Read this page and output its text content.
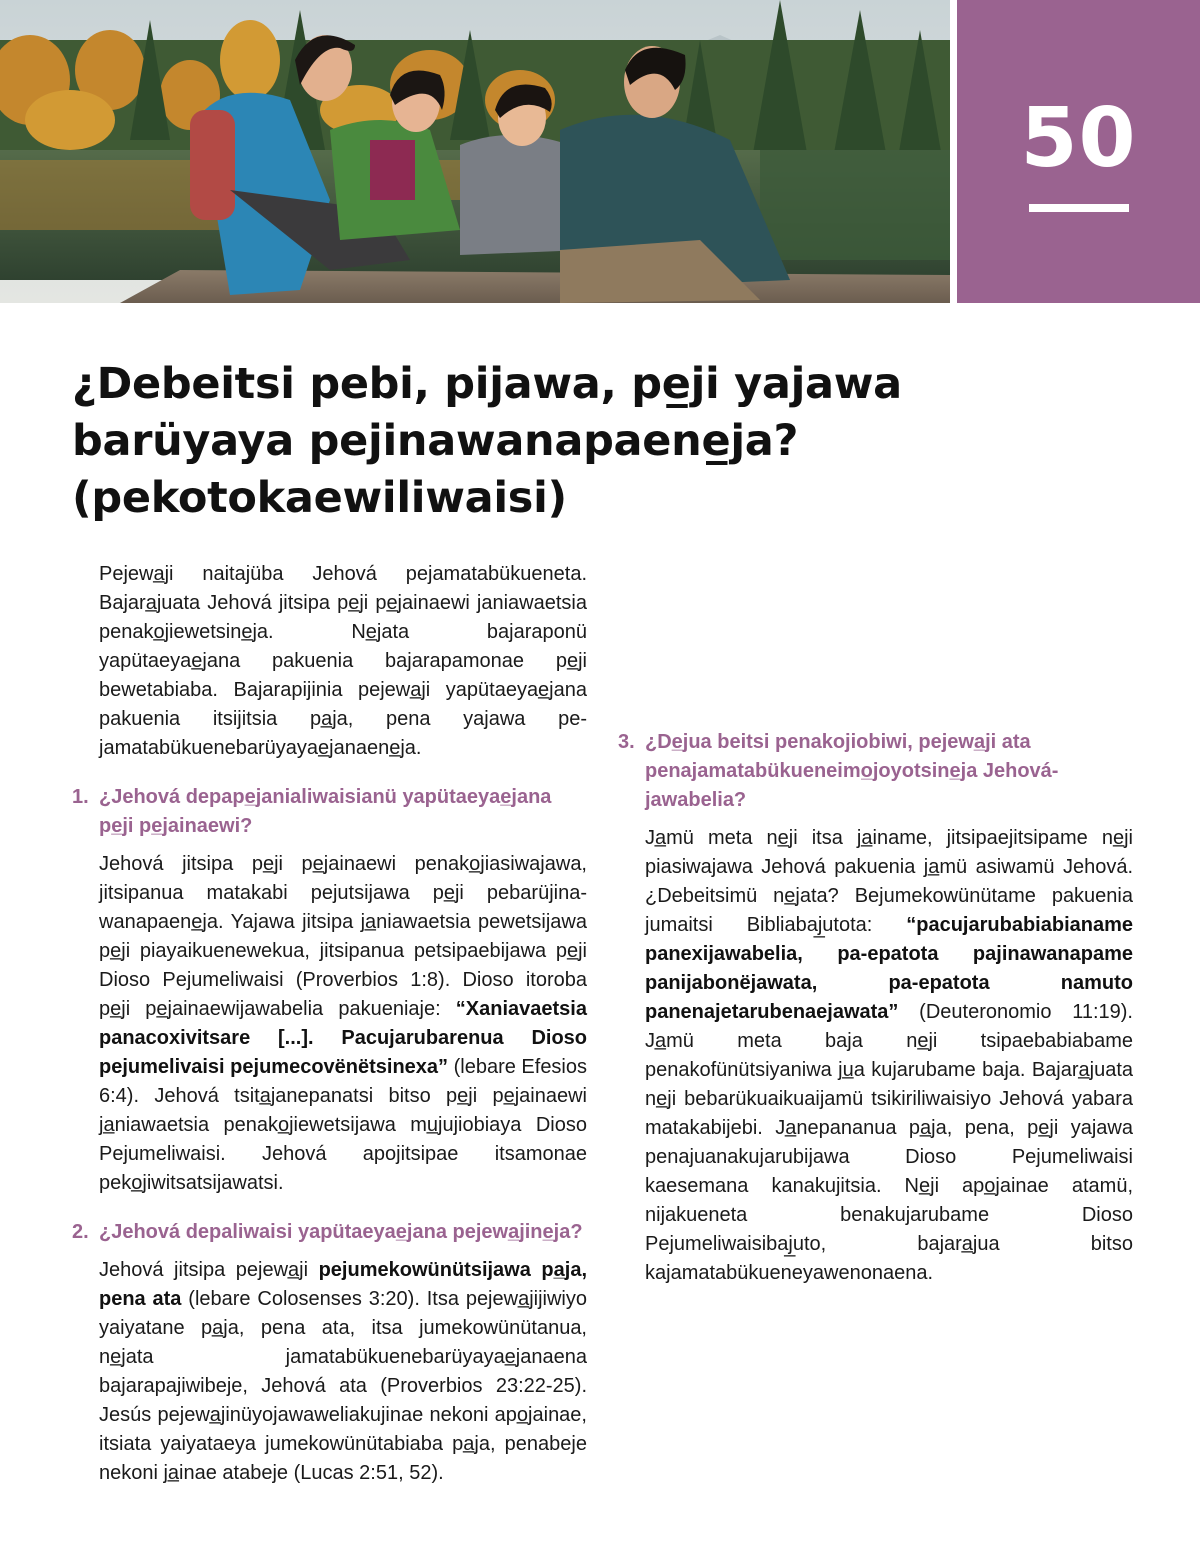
50
¿Debeitsi pebi, pijawa, pe̲ji yajawa
barüyaya pejinawanapaene̲ja?
(pekotokaewiliwaisi)

Pejewa̲ji naitajüba Jehová pejamatabükueneta. Bajara̲juata Jehová jitsipa pe̲ji pe̲jainaewi janiawaetsia penako̲jiewetsine̲ja. Ne̲jata bajaraponü yapütaeyae̲jana pakuenia bajarapamonae pe̲ji bewetabiaba. Bajarapijinia pejewa̲ji yapütaeyae̲jana pakuenia itsijitsia pa̲ja, pena yajawa pejamatabükuenebarüyayae̲janaene̲ja.

1. ¿Jehová depape̲janialiwaisianü yapütaeyae̲jana pe̲ji pe̲jainaewi?

Jehová jitsipa pe̲ji pe̲jainaewi penako̲jiasiwajawa, jitsipanua matakabi pejutsijawa pe̲ji pebarüjinawanapaene̲ja. Yajawa jitsipa ja̲niawaetsia pewetsijawa pe̲ji piayaikuenewekua, jitsipanua petsipaebijawa pe̲ji Dioso Pejumeliwaisi (Proverbios 1:8). Dioso itoroba pe̲ji pe̲jainaewijawabelia pakueniaje: “Xaniavaetsia panacoxivitsare [...]. Pacujarubarenua Dioso pejumelivaisi pejumecovënëtsinexa” (lebare Efesios 6:4). Jehová tsita̲janepanatsi bitso pe̲ji pe̲jainaewi ja̲niawaetsia penako̲jiewetsijawa mu̲jujiobiaya Dioso Pejumeliwaisi. Jehová apojitsipae itsamonae peko̲jiwitsatsijawatsi.

2. ¿Jehová depaliwaisi yapütaeyae̲jana pejewa̲jine̲ja?

Jehová jitsipa pejewa̲ji pejumekowünütsijawa pa̲ja, pena ata (lebare Colosenses 3:20). Itsa pejewa̲jijiwiyo yaiyatane pa̲ja, pena ata, itsa jumekowünütanua, ne̲jata jamatabükuenebarüyayae̲janaena bajarapajiwibeje, Jehová ata (Proverbios 23:22-25). Jesús pejewa̲jinüyojawaweliakujinae nekoni apo̲jainae, itsiata yaiyataeya jumekowünütabiaba pa̲ja, penabeje nekoni ja̲inae atabeje (Lucas 2:51, 52).

3. ¿De̲jua beitsi penakojiobiwi, pejewa̲ji ata penajamatabükueneimo̲joyotsine̲ja Jehovájawabelia?

Ja̲mü meta ne̲ji itsa ja̲iname, jitsipaejitsipame ne̲ji piasiwajawa Jehová pakuenia ja̲mü asiwamü Jehová. ¿Debeitsimü ne̲jata? Bejumekowünütame pakuenia jumaitsi Bibliabaj̲utota: “pacujarubabiabianame panexijawabelia, pa-epatota pajinawanapame panijabonëjawata, pa-epatota namuto panenajetarubenaejawata” (Deuteronomio 11:19). Ja̲mü meta baja ne̲ji tsipaebabiabame penakofünütsiyaniwa ju̲a kujarubame baja. Bajara̲juata ne̲ji bebarükuaikuaijamü tsikiriliwaisiyo Jehová yabara matakabijebi. Ja̲nepananua pa̲ja, pena, pe̲ji yajawa penajuanakujarubijawa Dioso Pejumeliwaisi kaesemana kanakujitsia. Ne̲ji apo̲jainae atamü, nijakueneta benakujarubame Dioso Pejumeliwaisibaj̲uto, bajara̲jua bitso kajamatabükueneyawenonaena.
